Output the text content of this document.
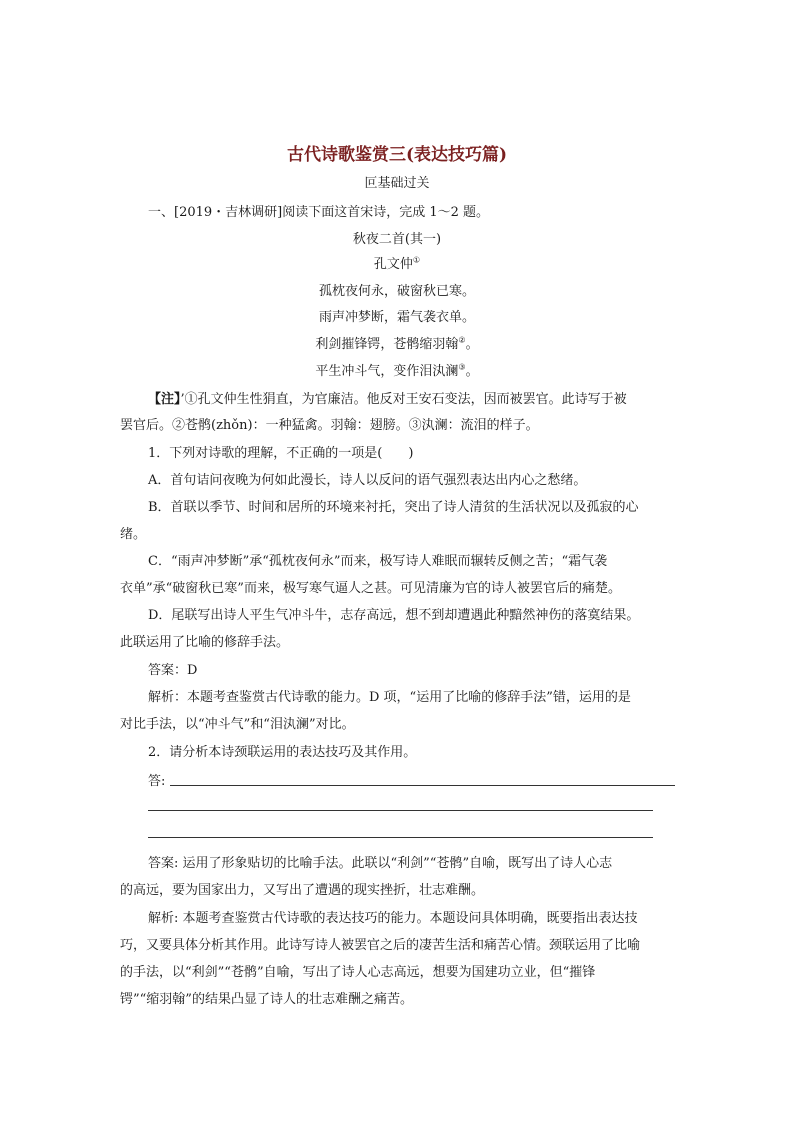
古代诗歌鉴赏三(表达技巧篇)
叵基础过关
一、[2019・吉林调研]阅读下面这首宋诗，完成 1～2 题。
秋夜二首(其一)
孔文仲①
孤枕夜何永，破窗秋已寒。
雨声冲梦断，霜气袭衣单。
利剑摧锋锷，苍鹘缩羽翰②。
平生冲斗气，变作泪汍澜③。
【注】’①孔文仲生性狷直，为官廉洁。他反对王安石变法，因而被罢官。此诗写于被
罢官后。②苍鹘(zhǒn)：一种猛禽。羽翰：翅膀。③汍澜：流泪的样子。
1．下列对诗歌的理解，不正确的一项是(　　)
A．首句诘问夜晚为何如此漫长，诗人以反问的语气强烈表达出内心之愁绪。
B．首联以季节、时间和居所的环境来衬托，突出了诗人清贫的生活状况以及孤寂的心
绪。
C．“雨声冲梦断”承“孤枕夜何永”而来，极写诗人难眠而辗转反侧之苦；“霜气袭
衣单”承“破窗秋已寒”而来，极写寒气逼人之甚。可见清廉为官的诗人被罢官后的痛楚。
D．尾联写出诗人平生气冲斗牛，志存高远，想不到却遭遇此种黯然神伤的落寞结果。
此联运用了比喻的修辞手法。
答案：D
解析：本题考查鉴赏古代诗歌的能力。D 项，“运用了比喻的修辞手法”错，运用的是
对比手法，以“冲斗气”和“泪汍澜”对比。
2．请分析本诗颈联运用的表达技巧及其作用。
答:
答案: 运用了形象贴切的比喻手法。此联以“利剑”“苍鹘”自喻，既写出了诗人心志
的高远，要为国家出力，又写出了遭遇的现实挫折，壮志难酬。
解析: 本题考查鉴赏古代诗歌的表达技巧的能力。本题设问具体明确，既要指出表达技
巧，又要具体分析其作用。此诗写诗人被罢官之后的凄苦生活和痛苦心情。颈联运用了比喻
的手法，以“利剑”“苍鹘”自喻，写出了诗人心志高远，想要为国建功立业，但“摧锋
锷”“缩羽翰”的结果凸显了诗人的壮志难酬之痛苦。
